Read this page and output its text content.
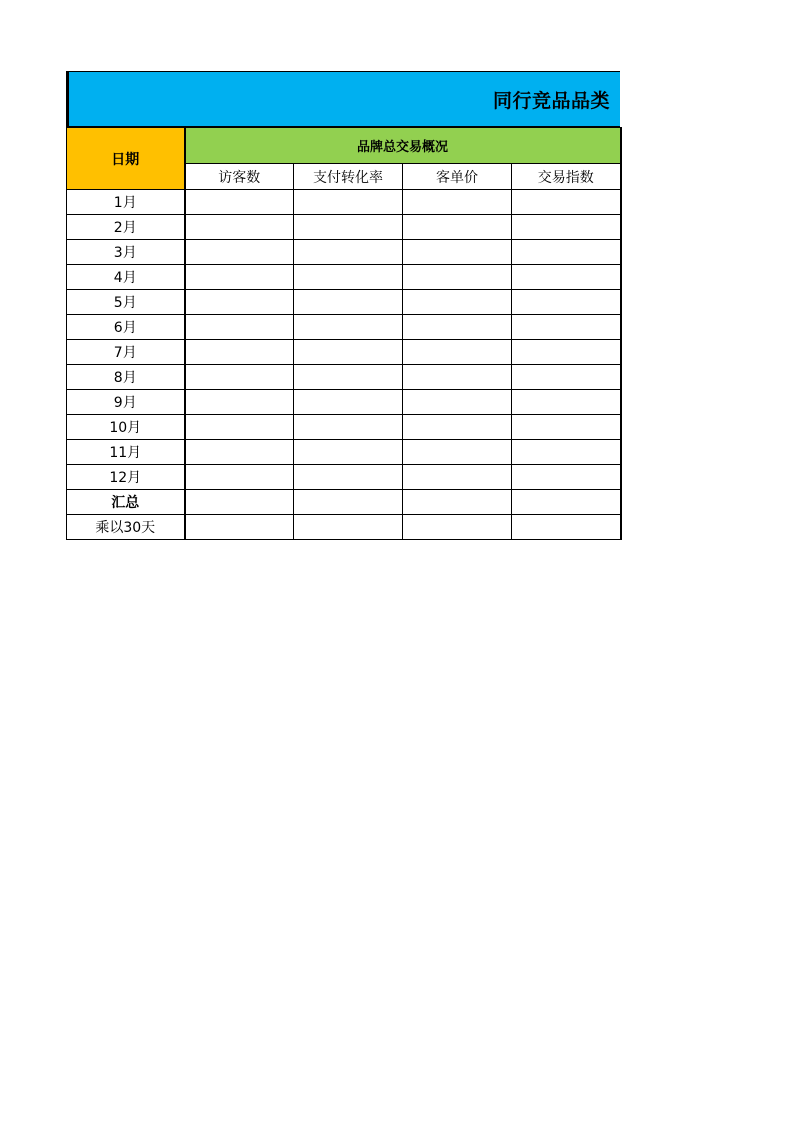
同行竞品品类
日期	品牌总交易概况			
	访客数	支付转化率	客单价	交易指数
1月				
2月				
3月				
4月				
5月				
6月				
7月				
8月				
9月				
10月				
11月				
12月				
汇总				
乘以30天				
